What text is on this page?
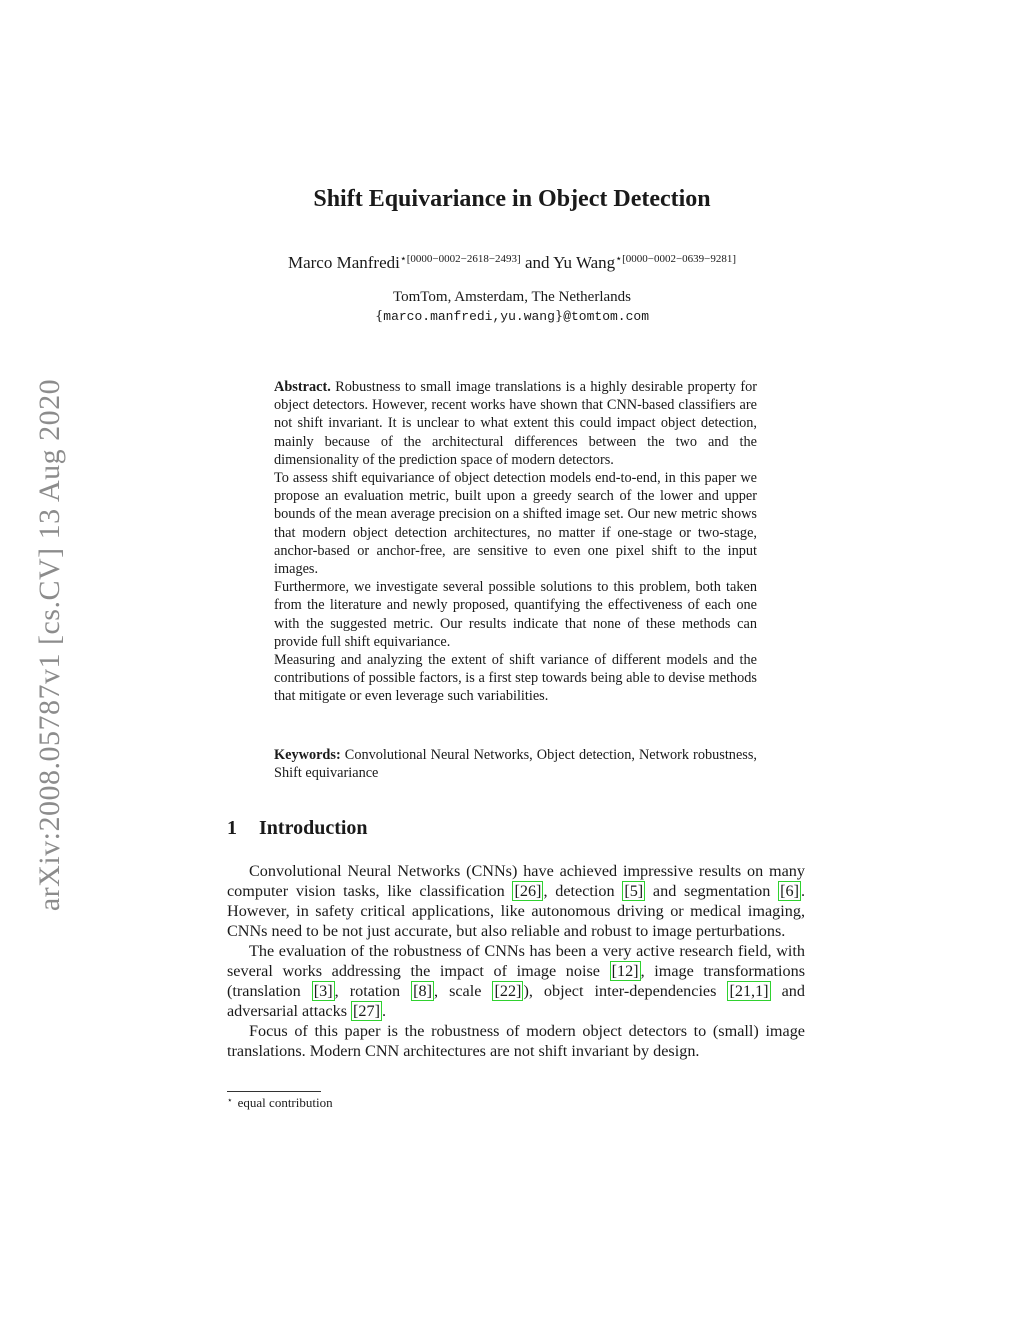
arXiv:2008.05787v1 [cs.CV] 13 Aug 2020
Shift Equivariance in Object Detection
Marco Manfredi$^{⋆[0000-0002-2618-2493]}$ and Yu Wang$^{⋆[0000-0002-0639-9281]}$
TomTom, Amsterdam, The Netherlands
{marco.manfredi,yu.wang}@tomtom.com

Abstract. Robustness to small image translations is a highly desirable property for object detectors. However, recent works have shown that CNN-based classifiers are not shift invariant. It is unclear to what extent this could impact object detection, mainly because of the architectural differences between the two and the dimensionality of the prediction space of modern detectors.

To assess shift equivariance of object detection models end-to-end, in this paper we propose an evaluation metric, built upon a greedy search of the lower and upper bounds of the mean average precision on a shifted image set. Our new metric shows that modern object detection architectures, no matter if one-stage or two-stage, anchor-based or anchor-free, are sensitive to even one pixel shift to the input images.

Furthermore, we investigate several possible solutions to this problem, both taken from the literature and newly proposed, quantifying the effectiveness of each one with the suggested metric. Our results indicate that none of these methods can provide full shift equivariance.

Measuring and analyzing the extent of shift variance of different models and the contributions of possible factors, is a first step towards being able to devise methods that mitigate or even leverage such variabilities.

Keywords: Convolutional Neural Networks, Object detection, Network robustness, Shift equivariance
1 Introduction

Convolutional Neural Networks (CNNs) have achieved impressive results on many computer vision tasks, like classification [26] , detection [5] and segmentation [6] . However, in safety critical applications, like autonomous driving or medical imaging, CNNs need to be not just accurate, but also reliable and robust to image perturbations.

The evaluation of the robustness of CNNs has been a very active research field, with several works addressing the impact of image noise [12] , image transformations (translation [3] , rotation [8] , scale [22] ), object inter-dependencies [21,1] and adversarial attacks [27] .

Focus of this paper is the robustness of modern object detectors to (small) image translations. Modern CNN architectures are not shift invariant by design.

⋆ equal contribution
